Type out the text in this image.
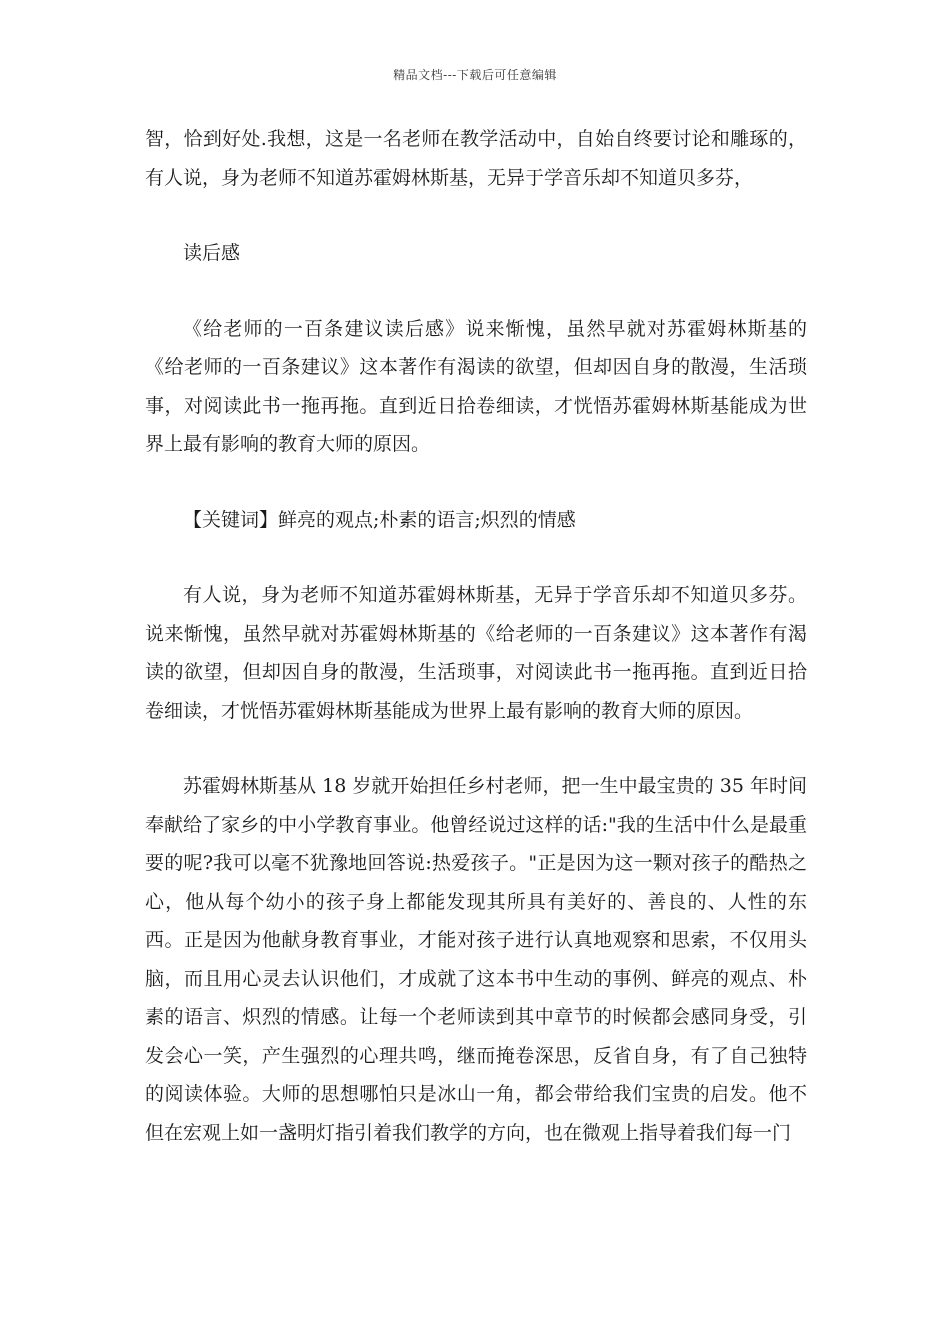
精品文档---下载后可任意编辑

智，恰到好处.我想，这是一名老师在教学活动中，自始自终要讨论和雕琢的，有人说，身为老师不知道苏霍姆林斯基，无异于学音乐却不知道贝多芬，

读后感

《给老师的一百条建议读后感》说来惭愧，虽然早就对苏霍姆林斯基的《给老师的一百条建议》这本著作有渴读的欲望，但却因自身的散漫，生活琐事，对阅读此书一拖再拖。直到近日拾卷细读，才恍悟苏霍姆林斯基能成为世界上最有影响的教育大师的原因。

【关键词】鲜亮的观点;朴素的语言;炽烈的情感

有人说，身为老师不知道苏霍姆林斯基，无异于学音乐却不知道贝多芬。说来惭愧，虽然早就对苏霍姆林斯基的《给老师的一百条建议》这本著作有渴读的欲望，但却因自身的散漫，生活琐事，对阅读此书一拖再拖。直到近日拾卷细读，才恍悟苏霍姆林斯基能成为世界上最有影响的教育大师的原因。

苏霍姆林斯基从 18 岁就开始担任乡村老师，把一生中最宝贵的 35 年时间奉献给了家乡的中小学教育事业。他曾经说过这样的话:"我的生活中什么是最重要的呢?我可以毫不犹豫地回答说:热爱孩子。"正是因为这一颗对孩子的酷热之心，他从每个幼小的孩子身上都能发现其所具有美好的、善良的、人性的东西。正是因为他献身教育事业，才能对孩子进行认真地观察和思索，不仅用头脑，而且用心灵去认识他们，才成就了这本书中生动的事例、鲜亮的观点、朴素的语言、炽烈的情感。让每一个老师读到其中章节的时候都会感同身受，引发会心一笑，产生强烈的心理共鸣，继而掩卷深思，反省自身，有了自己独特的阅读体验。大师的思想哪怕只是冰山一角，都会带给我们宝贵的启发。他不但在宏观上如一盏明灯指引着我们教学的方向，也在微观上指导着我们每一门
